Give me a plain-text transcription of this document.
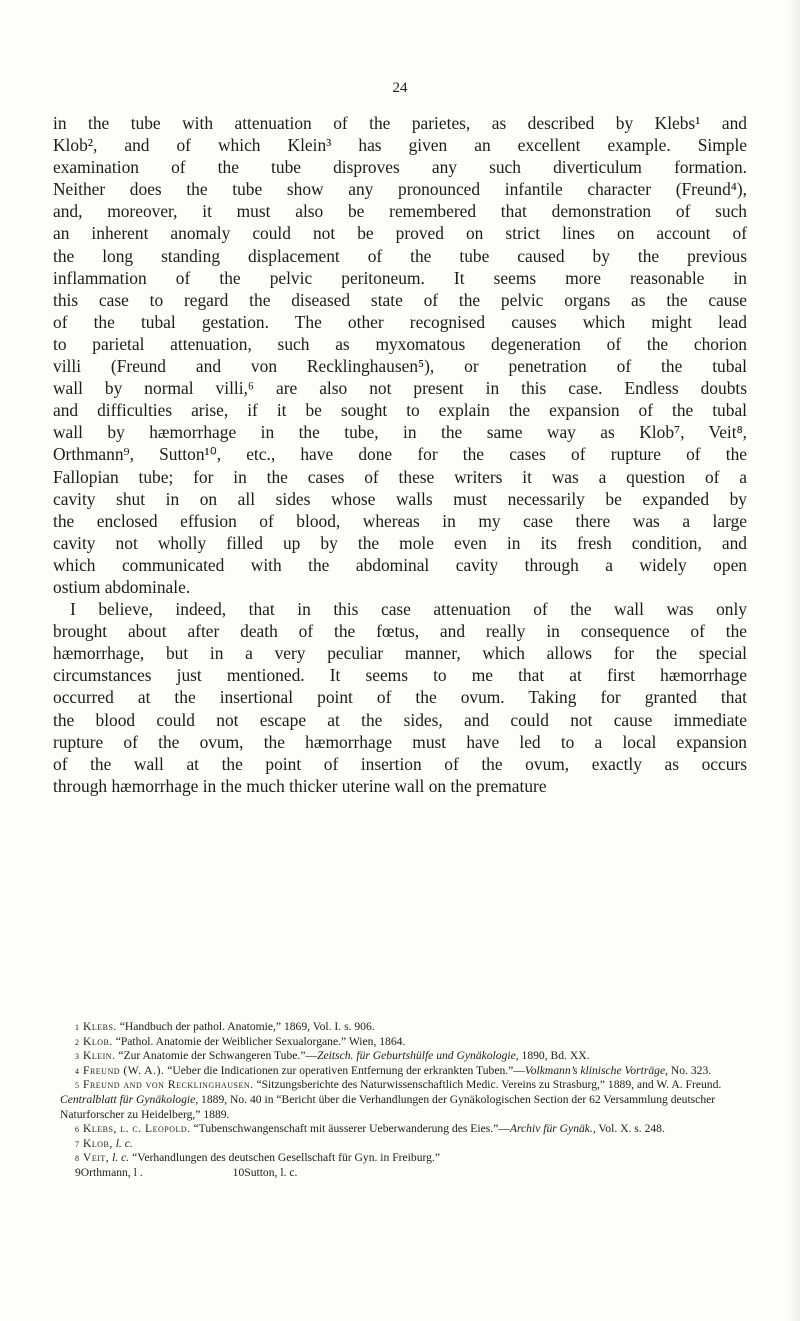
24

in the tube with attenuation of the parietes, as described by Klebs¹ and
Klob², and of which Klein³ has given an excellent example. Simple
examination of the tube disproves any such diverticulum formation.
Neither does the tube show any pronounced infantile character (Freund⁴),
and, moreover, it must also be remembered that demonstration of such
an inherent anomaly could not be proved on strict lines on account of
the long standing displacement of the tube caused by the previous
inflammation of the pelvic peritoneum. It seems more reasonable in
this case to regard the diseased state of the pelvic organs as the cause
of the tubal gestation. The other recognised causes which might lead
to parietal attenuation, such as myxomatous degeneration of the chorion
villi (Freund and von Recklinghausen⁵), or penetration of the tubal
wall by normal villi,⁶ are also not present in this case. Endless doubts
and difficulties arise, if it be sought to explain the expansion of the tubal
wall by hæmorrhage in the tube, in the same way as Klob⁷, Veit⁸,
Orthmann⁹, Sutton¹⁰, etc., have done for the cases of rupture of the
Fallopian tube; for in the cases of these writers it was a question of a
cavity shut in on all sides whose walls must necessarily be expanded by
the enclosed effusion of blood, whereas in my case there was a large
cavity not wholly filled up by the mole even in its fresh condition, and
which communicated with the abdominal cavity through a widely open
ostium abdominale.

I believe, indeed, that in this case attenuation of the wall was only
brought about after death of the fœtus, and really in consequence of the
hæmorrhage, but in a very peculiar manner, which allows for the special
circumstances just mentioned. It seems to me that at first hæmorrhage
occurred at the insertional point of the ovum. Taking for granted that
the blood could not escape at the sides, and could not cause immediate
rupture of the ovum, the hæmorrhage must have led to a local expansion
of the wall at the point of insertion of the ovum, exactly as occurs
through hæmorrhage in the much thicker uterine wall on the premature

$^1$ Klebs. “Handbuch der pathol. Anatomie,” 1869, Vol. I. s. 906.

$^2$ Klob. “Pathol. Anatomie der Weiblicher Sexualorgane.” Wien, 1864.

$^3$ Klein. “Zur Anatomie der Schwangeren Tube.”—Zeitsch. für Geburtshülfe und Gynäkologie, 1890, Bd. XX.

$^4$ Freund (W. A.). “Ueber die Indicationen zur operativen Entfernung der erkrankten Tuben.”—Volkmann’s klinische Vorträge, No. 323.

$^5$ Freund and von Recklinghausen. “Sitzungsberichte des Naturwissenschaftlich Medic. Vereins zu Strasburg,” 1889, and W. A. Freund. Centralblatt für Gynäkologie, 1889, No. 40 in “Bericht über die Verhandlungen der Gynäkologischen Section der 62 Versammlung deutscher Naturforscher zu Heidelberg,” 1889.

$^6$ Klebs, l. c. Leopold. “Tubenschwangenschaft mit äusserer Ueberwanderung des Eies.”—Archiv für Gynäk., Vol. X. s. 248.

$^7$ Klob, l. c.

$^8$ Veit, l. c. “Verhandlungen des deutschen Gesellschaft für Gyn. in Freiburg.”

9Orthmann, l .	10Sutton, l. c.
